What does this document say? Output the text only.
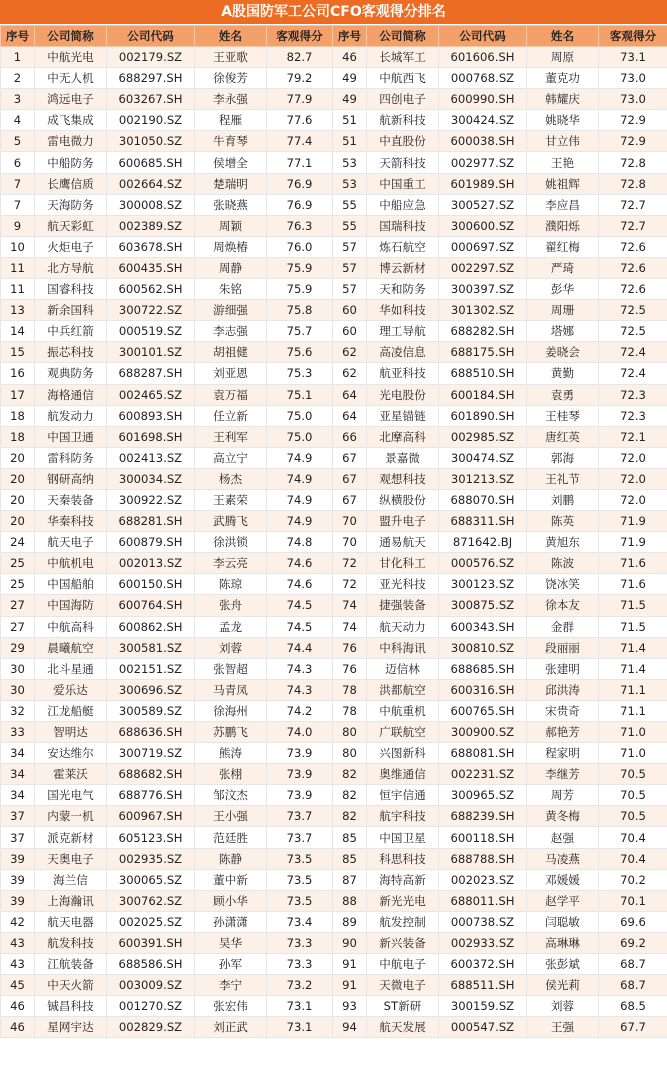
A股国防军工公司CFO客观得分排名
序号	公司简称	公司代码	姓名	客观得分	序号	公司简称	公司代码	姓名	客观得分
1	中航光电	002179.SZ	王亚歌	82.7	46	长城军工	601606.SH	周原	73.1
2	中无人机	688297.SH	徐俊芳	79.2	49	中航西飞	000768.SZ	董克功	73.0
3	鸿远电子	603267.SH	李永强	77.9	49	四创电子	600990.SH	韩耀庆	73.0
4	成飞集成	002190.SZ	程雁	77.6	51	航新科技	300424.SZ	姚晓华	72.9
5	雷电微力	301050.SZ	牛育琴	77.4	51	中直股份	600038.SH	甘立伟	72.9
6	中船防务	600685.SH	侯增全	77.1	53	天箭科技	002977.SZ	王艳	72.8
7	长鹰信质	002664.SZ	楚瑞明	76.9	53	中国重工	601989.SH	姚祖辉	72.8
7	天海防务	300008.SZ	张晓燕	76.9	55	中船应急	300527.SZ	李应昌	72.7
9	航天彩虹	002389.SZ	周颖	76.3	55	国瑞科技	300600.SZ	濮阳烁	72.7
10	火炬电子	603678.SH	周焕椿	76.0	57	炼石航空	000697.SZ	翟红梅	72.6
11	北方导航	600435.SH	周静	75.9	57	博云新材	002297.SZ	严琦	72.6
11	国睿科技	600562.SH	朱铭	75.9	57	天和防务	300397.SZ	彭华	72.6
13	新余国科	300722.SZ	游细强	75.8	60	华如科技	301302.SZ	周珊	72.5
14	中兵红箭	000519.SZ	李志强	75.7	60	理工导航	688282.SH	塔娜	72.5
15	振芯科技	300101.SZ	胡祖健	75.6	62	高凌信息	688175.SH	姜晓会	72.4
16	观典防务	688287.SH	刘亚恩	75.3	62	航亚科技	688510.SH	黄勤	72.4
17	海格通信	002465.SZ	袁万福	75.1	64	光电股份	600184.SH	袁勇	72.3
18	航发动力	600893.SH	任立新	75.0	64	亚星锚链	601890.SH	王桂琴	72.3
18	中国卫通	601698.SH	王利军	75.0	66	北摩高科	002985.SZ	唐红英	72.1
20	雷科防务	002413.SZ	高立宁	74.9	67	景嘉微	300474.SZ	郭海	72.0
20	钢研高纳	300034.SZ	杨杰	74.9	67	观想科技	301213.SZ	王礼节	72.0
20	天秦装备	300922.SZ	王素荣	74.9	67	纵横股份	688070.SH	刘鹏	72.0
20	华秦科技	688281.SH	武腾飞	74.9	70	盟升电子	688311.SH	陈英	71.9
24	航天电子	600879.SH	徐洪锁	74.8	70	通易航天	871642.BJ	黄旭东	71.9
25	中航机电	002013.SZ	李云亮	74.6	72	甘化科工	000576.SZ	陈波	71.6
25	中国船舶	600150.SH	陈琼	74.6	72	亚光科技	300123.SZ	饶冰笑	71.6
27	中国海防	600764.SH	张舟	74.5	74	捷强装备	300875.SZ	徐本友	71.5
27	中航高科	600862.SH	孟龙	74.5	74	航天动力	600343.SH	金群	71.5
29	晨曦航空	300581.SZ	刘蓉	74.4	76	中科海讯	300810.SZ	段丽丽	71.4
30	北斗星通	002151.SZ	张智超	74.3	76	迈信林	688685.SH	张建明	71.4
30	爱乐达	300696.SZ	马青凤	74.3	78	洪都航空	600316.SH	邱洪涛	71.1
32	江龙船艇	300589.SZ	徐海州	74.2	78	中航重机	600765.SH	宋贵奇	71.1
33	智明达	688636.SH	苏鹏飞	74.0	80	广联航空	300900.SZ	郝艳芳	71.0
34	安达维尔	300719.SZ	熊涛	73.9	80	兴图新科	688081.SH	程家明	71.0
34	霍莱沃	688682.SH	张栩	73.9	82	奥维通信	002231.SZ	李继芳	70.5
34	国光电气	688776.SH	邹汶杰	73.9	82	恒宇信通	300965.SZ	周芳	70.5
37	内蒙一机	600967.SH	王小强	73.7	82	航宇科技	688239.SH	黄冬梅	70.5
37	派克新材	605123.SH	范廷胜	73.7	85	中国卫星	600118.SH	赵强	70.4
39	天奥电子	002935.SZ	陈静	73.5	85	科思科技	688788.SH	马凌燕	70.4
39	海兰信	300065.SZ	董中新	73.5	87	海特高新	002023.SZ	邓媛媛	70.2
39	上海瀚讯	300762.SZ	顾小华	73.5	88	新光光电	688011.SH	赵学平	70.1
42	航天电器	002025.SZ	孙潇潇	73.4	89	航发控制	000738.SZ	闫聪敏	69.6
43	航发科技	600391.SH	吴华	73.3	90	新兴装备	002933.SZ	高琳琳	69.2
43	江航装备	688586.SH	孙军	73.3	91	中航电子	600372.SH	张彭斌	68.7
45	中天火箭	003009.SZ	李宁	73.2	91	天微电子	688511.SH	侯光莉	68.7
46	铖昌科技	001270.SZ	张宏伟	73.1	93	ST新研	300159.SZ	刘蓉	68.5
46	星网宇达	002829.SZ	刘正武	73.1	94	航天发展	000547.SZ	王强	67.7
